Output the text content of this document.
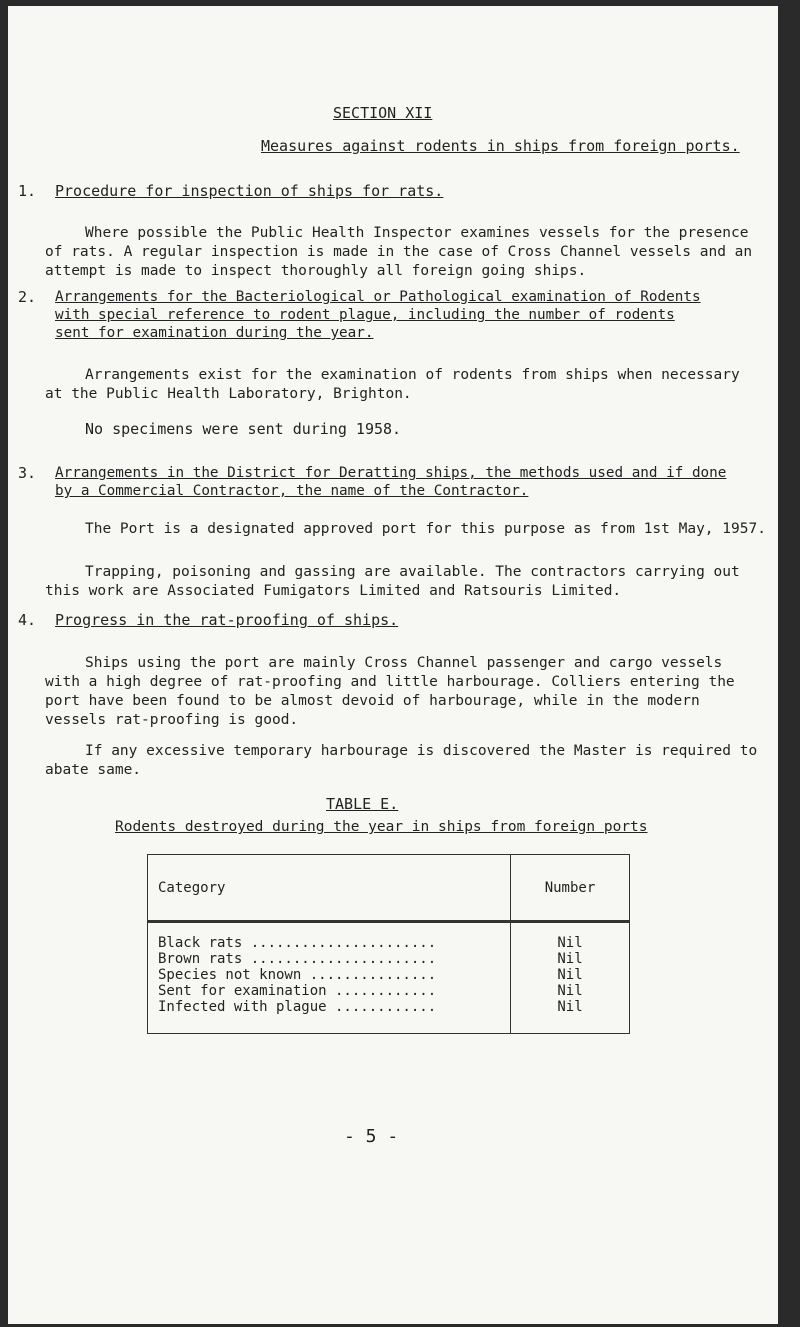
SECTION XII
Measures against rodents in ships from foreign ports.
1. Procedure for inspection of ships for rats.
Where possible the Public Health Inspector examines vessels for the presence of rats. A regular inspection is made in the case of Cross Channel vessels and an attempt is made to inspect thoroughly all foreign going ships.
2. Arrangements for the Bacteriological or Pathological examination of Rodents
with special reference to rodent plague, including the number of rodents
sent for examination during the year.
Arrangements exist for the examination of rodents from ships when necessary at the Public Health Laboratory, Brighton.
No specimens were sent during 1958.
3. Arrangements in the District for Deratting ships, the methods used and if done
by a Commercial Contractor, the name of the Contractor.
The Port is a designated approved port for this purpose as from 1st May, 1957.
Trapping, poisoning and gassing are available. The contractors carrying out this work are Associated Fumigators Limited and Ratsouris Limited.
4. Progress in the rat-proofing of ships.
Ships using the port are mainly Cross Channel passenger and cargo vessels with a high degree of rat-proofing and little harbourage. Colliers entering the port have been found to be almost devoid of harbourage, while in the modern vessels rat-proofing is good.
If any excessive temporary harbourage is discovered the Master is required to abate same.
TABLE E.
Rodents destroyed during the year in ships from foreign ports
Category	Number
Black rats ......................	Nil
Brown rats ......................	Nil
Species not known ...............	Nil
Sent for examination ............	Nil
Infected with plague ............	Nil
- 5 -
